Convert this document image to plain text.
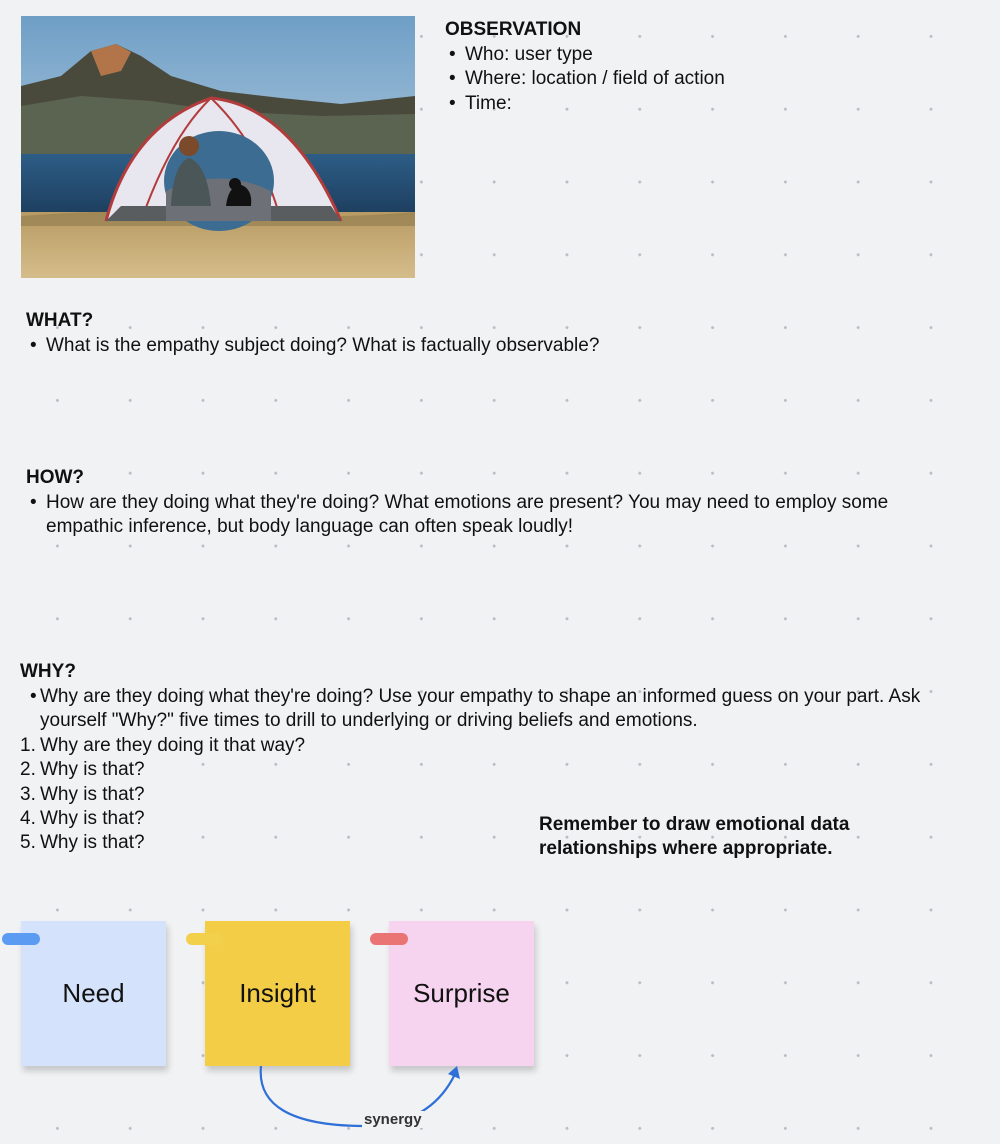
OBSERVATION
• Who: user type
• Where: location / field of action
• Time:
WHAT?
• What is the empathy subject doing? What is factually observable?
HOW?
• How are they doing what they're doing? What emotions are present? You may need to employ some empathic inference, but body language can often speak loudly!
WHY?
• Why are they doing what they're doing? Use your empathy to shape an informed guess on your part. Ask yourself "Why?" five times to drill to underlying or driving beliefs and emotions.
1. Why are they doing it that way?
2. Why is that?
3. Why is that?
4. Why is that?
5. Why is that?
Remember to draw emotional data
relationships where appropriate.
Need	Insight	Surprise
synergy
